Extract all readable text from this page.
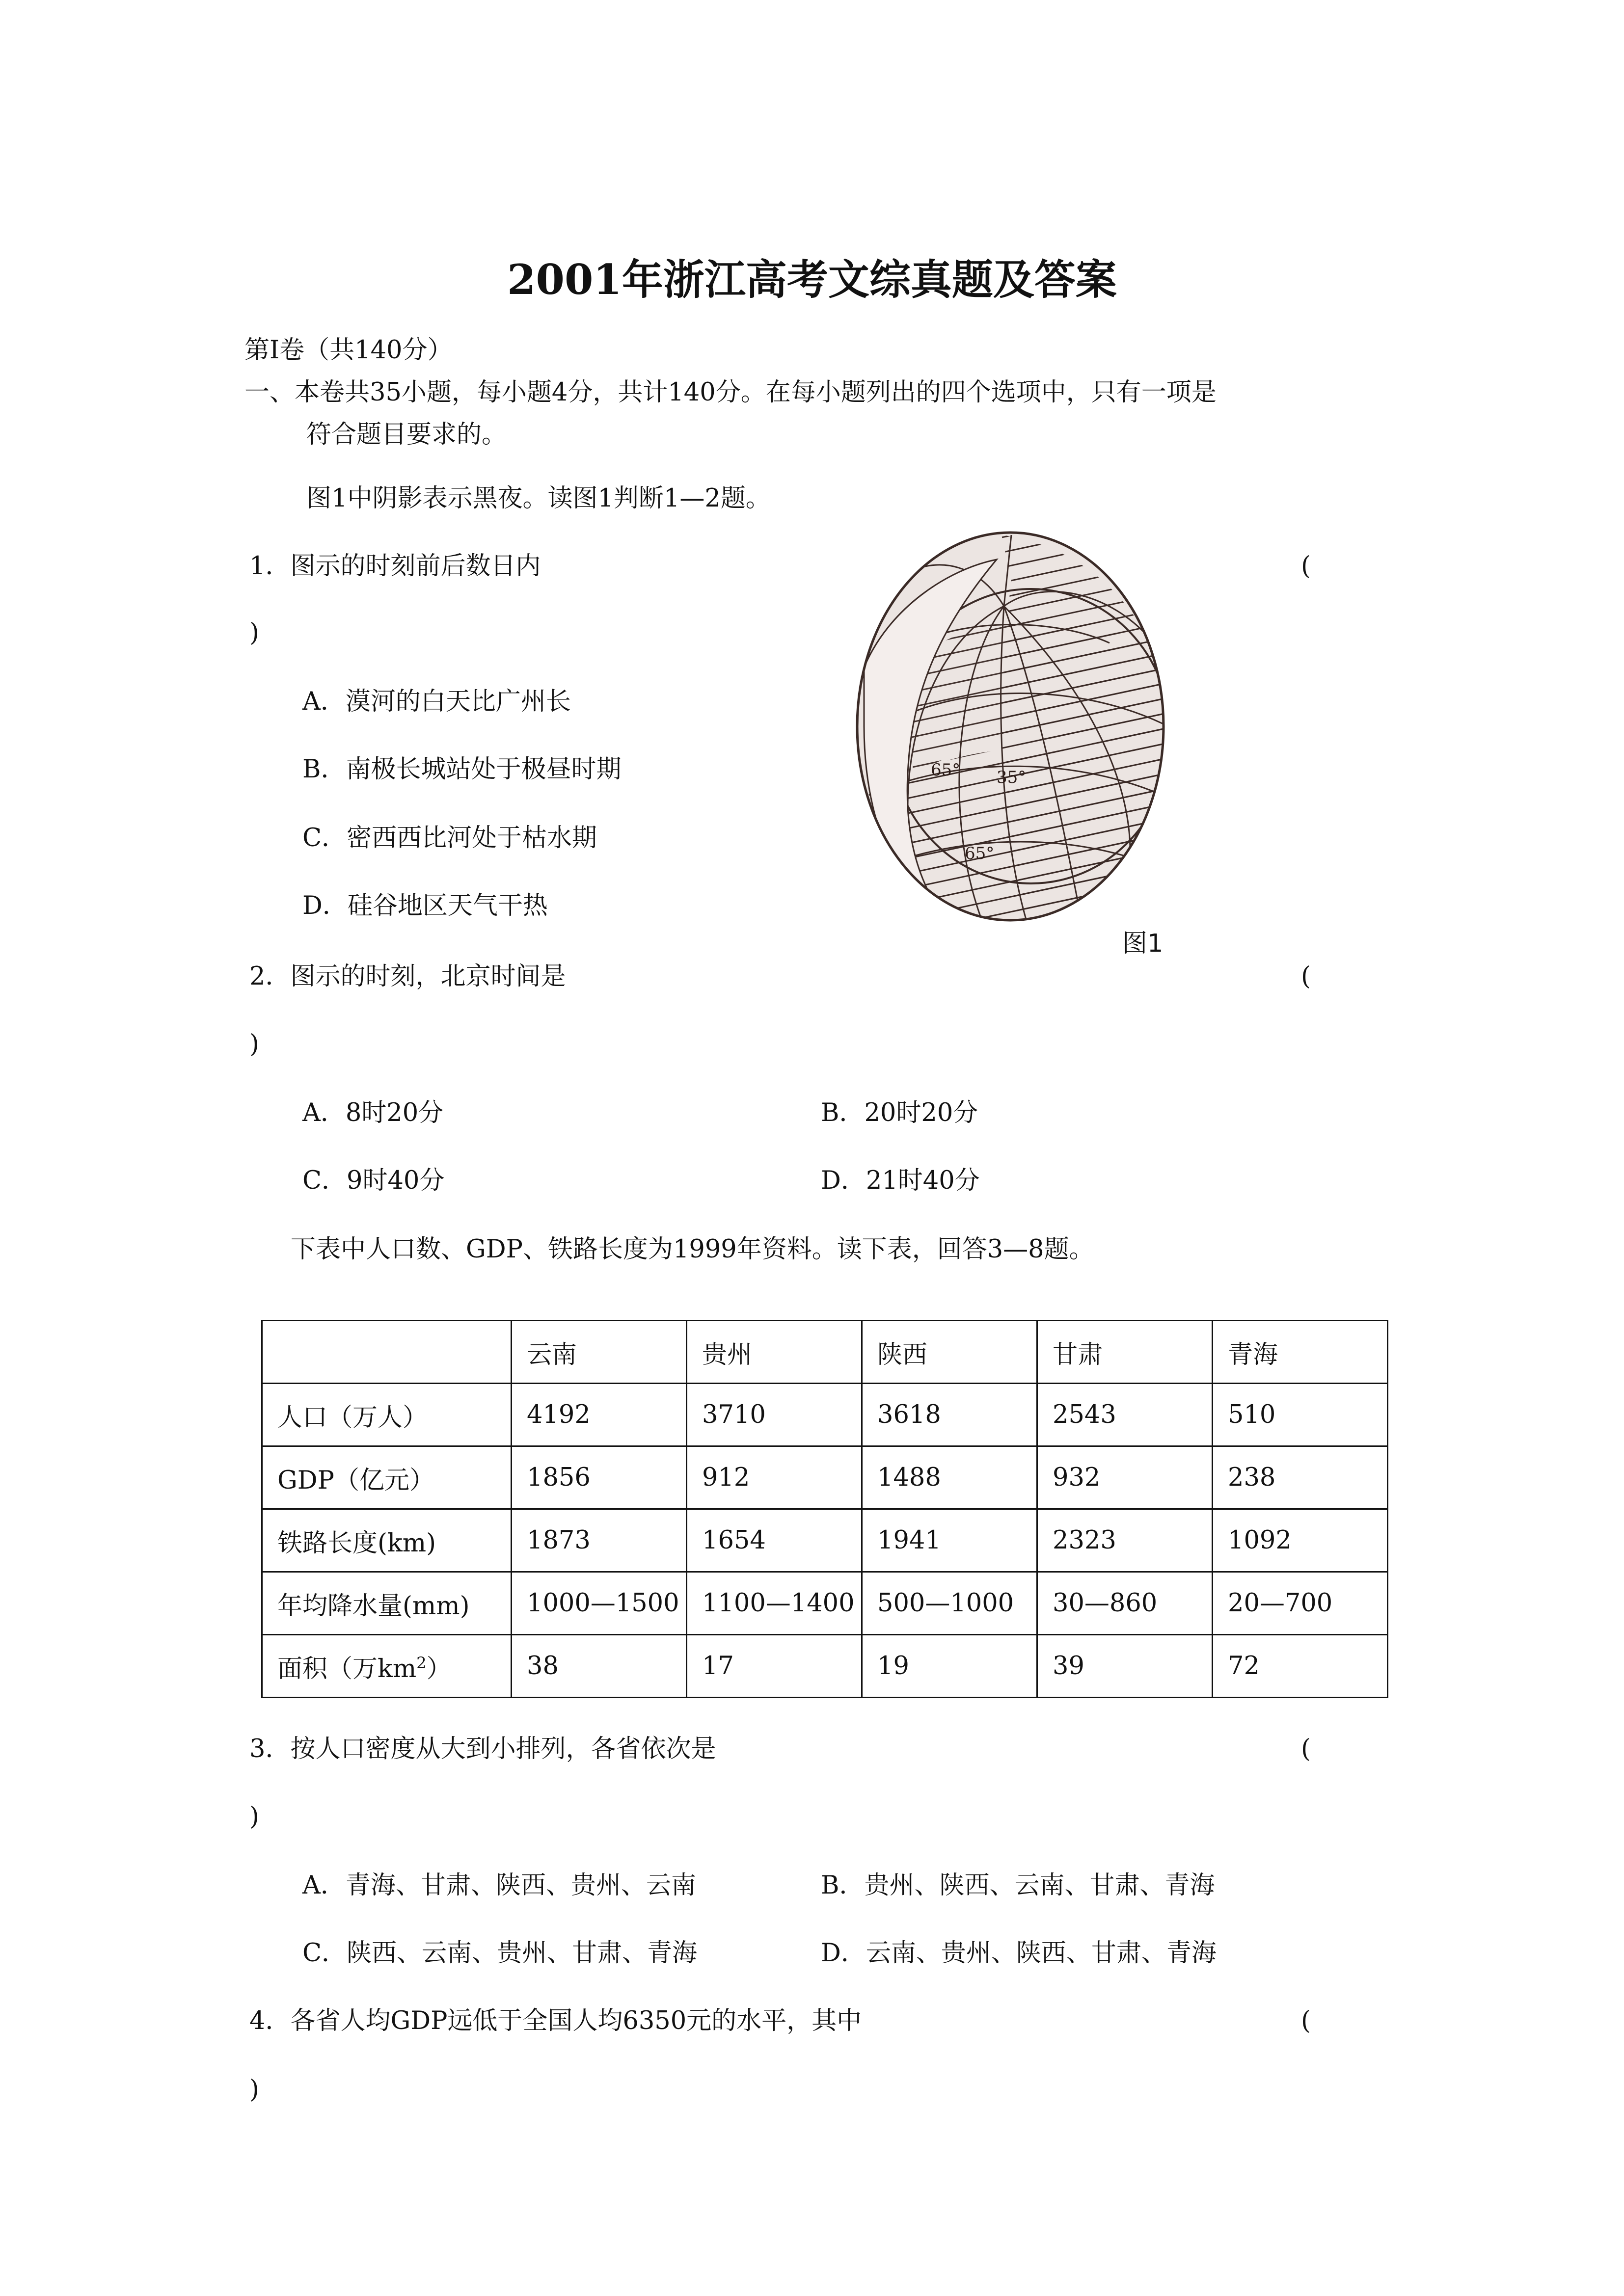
2001年浙江高考文综真题及答案
第Ⅰ卷（共140分）
一、本卷共35小题，每小题4分，共计140分。在每小题列出的四个选项中，只有一项是
符合题目要求的。
图1中阴影表示黑夜。读图1判断1—2题。
1．图示的时刻前后数日内	(
)
A．漠河的白天比广州长
B．南极长城站处于极昼时期
C．密西西比河处于枯水期
D．硅谷地区天气干热
65° 35°
65°
图1
2．图示的时刻，北京时间是	(
)
A．8时20分	B．20时20分
C．9时40分	D．21时40分
下表中人口数、GDP、铁路长度为1999年资料。读下表，回答3—8题。
	云南	贵州	陕西	甘肃	青海
人口（万人）	4192	3710	3618	2543	510
GDP（亿元）	1856	912	1488	932	238
铁路长度(km)	1873	1654	1941	2323	1092
年均降水量(mm)	1000—1500	1100—1400	500—1000	30—860	20—700
面积（万$km^2$）	38	17	19	39	72
3．按人口密度从大到小排列，各省依次是	(
)
A．青海、甘肃、陕西、贵州、云南	B．贵州、陕西、云南、甘肃、青海
C．陕西、云南、贵州、甘肃、青海	D．云南、贵州、陕西、甘肃、青海
4．各省人均GDP远低于全国人均6350元的水平，其中	(
)
